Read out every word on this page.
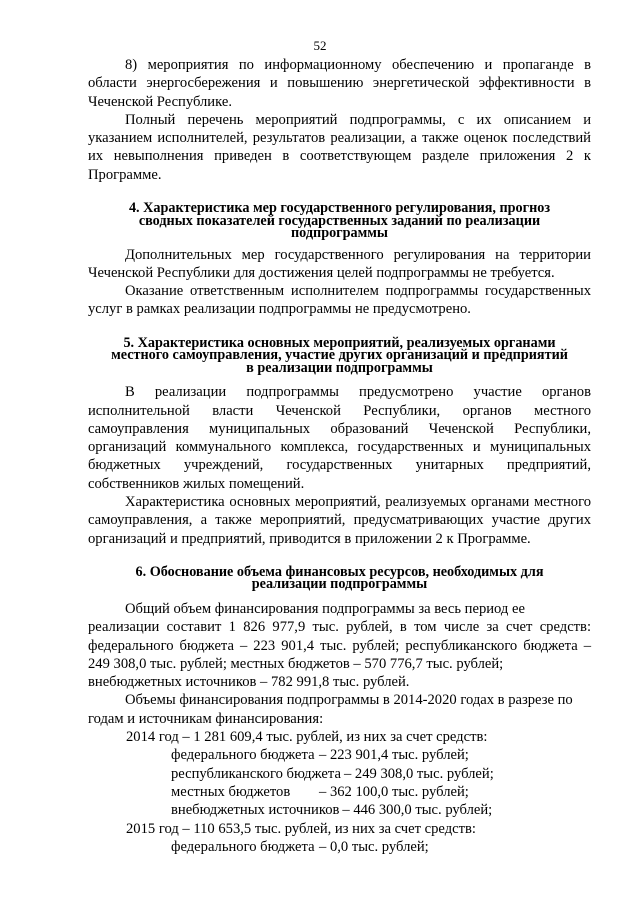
52

8) мероприятия по информационному обеспечению и пропаганде в области энергосбережения и повышению энергетической эффективности в Чеченской Республике.

Полный перечень мероприятий подпрограммы, с их описанием и указанием исполнителей, результатов реализации, а также оценок последствий их невыполнения приведен в соответствующем разделе приложения 2 к Программе.

4. Характеристика мер государственного регулирования, прогноз
сводных показателей государственных заданий по реализации
подпрограммы

Дополнительных мер государственного регулирования на территории Чеченской Республики для достижения целей подпрограммы не требуется.

Оказание ответственным исполнителем подпрограммы государственных услуг в рамках реализации подпрограммы не предусмотрено.

5. Характеристика основных мероприятий, реализуемых органами
местного самоуправления, участие других организаций и предприятий
в реализации подпрограммы

В реализации подпрограммы предусмотрено участие органов исполнительной власти Чеченской Республики, органов местного самоуправления муниципальных образований Чеченской Республики, организаций коммунального комплекса, государственных и муниципальных бюджетных учреждений, государственных унитарных предприятий, собственников жилых помещений.

Характеристика основных мероприятий, реализуемых органами местного самоуправления, а также мероприятий, предусматривающих участие других организаций и предприятий, приводится в приложении 2 к Программе.

6. Обоснование объема финансовых ресурсов, необходимых для
реализации подпрограммы

Общий объем финансирования подпрограммы за весь период ее

реализации составит 1 826 977,9 тыс. рублей, в том числе за счет средств:
федерального бюджета – 223 901,4 тыс. рублей; республиканского бюджета –
249 308,0 тыс. рублей; местных бюджетов – 570 776,7 тыс. рублей;
внебюджетных источников – 782 991,8 тыс. рублей.

Объемы финансирования подпрограммы в 2014-2020 годах в разрезе по

годам и источникам финансирования:
2014 год – 1 281 609,4 тыс. рублей, из них за счет средств:
федерального бюджета – 223 901,4 тыс. рублей;
республиканского бюджета – 249 308,0 тыс. рублей;
местных бюджетов	– 362 100,0 тыс. рублей;
внебюджетных источников – 446 300,0 тыс. рублей;
2015 год – 110 653,5 тыс. рублей, из них за счет средств:
федерального бюджета – 0,0 тыс. рублей;
